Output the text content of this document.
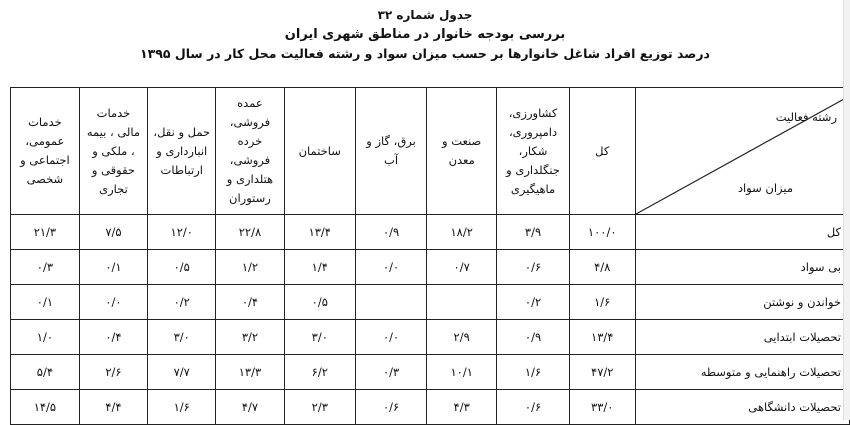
جدول شماره ۳۲
بررسی بودجه خانوار در مناطق شهری ایران
درصد توزیع افراد شاغل خانوارها بر حسب میزان سواد و رشته فعالیت محل کار در سال ۱۳۹۵
رشته فعالیت
میزان سواد	کل	کشاورزی، دامپروری، شکار، جنگلداری و ماهیگیری	صنعت و معدن	برق، گاز و آب	ساختمان	عمده فروشی، خرده فروشی، هتلداری و رستوران	حمل و نقل، انبارداری و ارتباطات	خدمات مالی ، بیمه ، ملکی و حقوقی و تجاری	خدمات عمومی، اجتماعی و شخصی
کل	۱۰۰/۰	۳/۹	۱۸/۲	۰/۹	۱۳/۴	۲۲/۸	۱۲/۰	۷/۵	۲۱/۳
بی سواد	۴/۸	۰/۶	۰/۷	۰/۰	۱/۴	۱/۲	۰/۵	۰/۱	۰/۳
خواندن و نوشتن	۱/۶	۰/۲			۰/۵	۰/۴	۰/۲	۰/۰	۰/۱
تحصیلات ابتدایی	۱۳/۴	۰/۹	۲/۹	۰/۰	۳/۰	۳/۲	۳/۰	۰/۴	۱/۰
تحصیلات راهنمایی و متوسطه	۴۷/۲	۱/۶	۱۰/۱	۰/۳	۶/۲	۱۳/۳	۷/۷	۲/۶	۵/۴
تحصیلات دانشگاهی	۳۳/۰	۰/۶	۴/۳	۰/۶	۲/۳	۴/۷	۱/۶	۴/۴	۱۴/۵
